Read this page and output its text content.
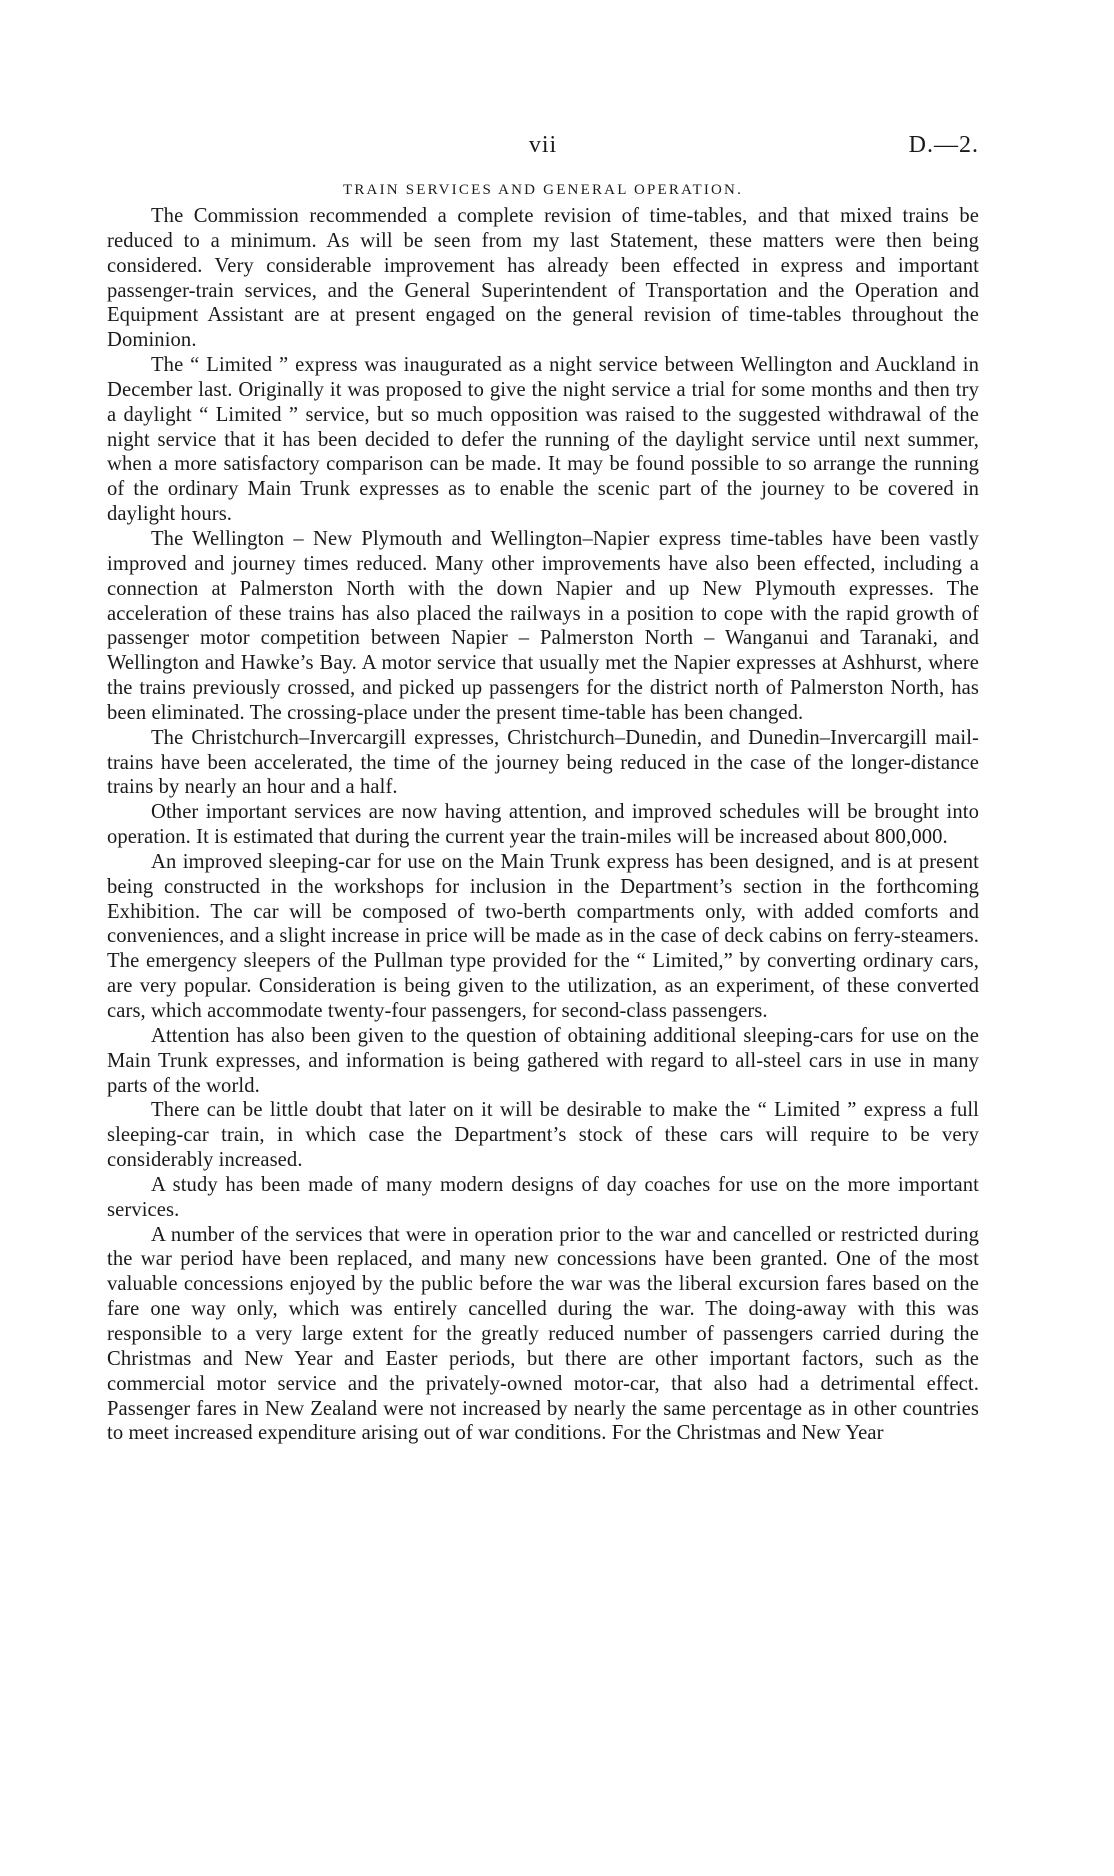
vii	D.—2.
TRAIN SERVICES AND GENERAL OPERATION.

The Commission recommended a complete revision of time-tables, and that mixed trains be reduced to a minimum. As will be seen from my last Statement, these matters were then being considered. Very considerable improvement has already been effected in express and important passenger-train services, and the General Superintendent of Transportation and the Operation and Equipment Assistant are at present engaged on the general revision of time-tables throughout the Dominion.

The “ Limited ” express was inaugurated as a night service between Wellington and Auckland in December last. Originally it was proposed to give the night service a trial for some months and then try a daylight “ Limited ” service, but so much opposition was raised to the suggested withdrawal of the night service that it has been decided to defer the running of the daylight service until next summer, when a more satisfactory comparison can be made. It may be found possible to so arrange the running of the ordinary Main Trunk expresses as to enable the scenic part of the journey to be covered in daylight hours.

The Wellington – New Plymouth and Wellington–Napier express time-tables have been vastly improved and journey times reduced. Many other improvements have also been effected, including a connection at Palmerston North with the down Napier and up New Plymouth expresses. The acceleration of these trains has also placed the railways in a position to cope with the rapid growth of passenger motor competition between Napier – Palmerston North – Wanganui and Taranaki, and Wellington and Hawke’s Bay. A motor service that usually met the Napier expresses at Ashhurst, where the trains previously crossed, and picked up passengers for the district north of Palmerston North, has been eliminated. The crossing-place under the present time-table has been changed.

The Christchurch–Invercargill expresses, Christchurch–Dunedin, and Dunedin–Invercargill mail-trains have been accelerated, the time of the journey being reduced in the case of the longer-distance trains by nearly an hour and a half.

Other important services are now having attention, and improved schedules will be brought into operation. It is estimated that during the current year the train-miles will be increased about 800,000.

An improved sleeping-car for use on the Main Trunk express has been designed, and is at present being constructed in the workshops for inclusion in the Department’s section in the forthcoming Exhibition. The car will be composed of two-berth compartments only, with added comforts and conveniences, and a slight increase in price will be made as in the case of deck cabins on ferry-steamers. The emergency sleepers of the Pullman type provided for the “ Limited,” by converting ordinary cars, are very popular. Consideration is being given to the utilization, as an experiment, of these converted cars, which accommodate twenty-four passengers, for second-class passengers.

Attention has also been given to the question of obtaining additional sleeping-cars for use on the Main Trunk expresses, and information is being gathered with regard to all-steel cars in use in many parts of the world.

There can be little doubt that later on it will be desirable to make the “ Limited ” express a full sleeping-car train, in which case the Department’s stock of these cars will require to be very considerably increased.

A study has been made of many modern designs of day coaches for use on the more important services.

A number of the services that were in operation prior to the war and cancelled or restricted during the war period have been replaced, and many new concessions have been granted. One of the most valuable concessions enjoyed by the public before the war was the liberal excursion fares based on the fare one way only, which was entirely cancelled during the war. The doing-away with this was responsible to a very large extent for the greatly reduced number of passengers carried during the Christmas and New Year and Easter periods, but there are other important factors, such as the commercial motor service and the privately-owned motor-car, that also had a detrimental effect. Passenger fares in New Zealand were not increased by nearly the same percentage as in other countries to meet increased expenditure arising out of war conditions. For the Christmas and New Year
